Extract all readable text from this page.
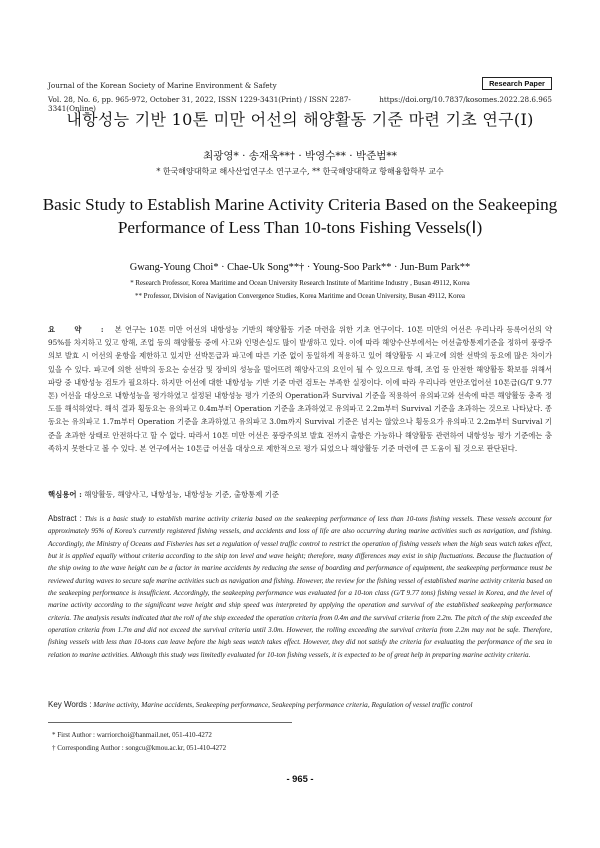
Journal of the Korean Society of Marine Environment & Safety	Research Paper
Vol. 28, No. 6, pp. 965-972, October 31, 2022, ISSN 1229-3431(Print) / ISSN 2287-3341(Online)
https://doi.org/10.7837/kosomes.2022.28.6.965
내항성능 기반 10톤 미만 어선의 해양활동 기준 마련 기초 연구(Ⅰ)
최광영* · 송재욱**† · 박영수** · 박준범**
* 한국해양대학교 해사산업연구소 연구교수, ** 한국해양대학교 항해융합학부 교수
Basic Study to Establish Marine Activity Criteria Based on the Seakeeping
Performance of Less Than 10-tons Fishing Vessels(Ⅰ)
Gwang-Young Choi* · Chae-Uk Song**† · Young-Soo Park** · Jun-Bum Park**
* Research Professor, Korea Maritime and Ocean University Research Institute of Maritime Industry , Busan 49112, Korea
** Professor, Division of Navigation Convergence Studies, Korea Maritime and Ocean University, Busan 49112, Korea
요 약 : 본 연구는 10톤 미만 어선의 내항성능 기반의 해양활동 기준 마련을 위한 기초 연구이다. 10톤 미만의 어선은 우리나라 등록어선의 약 95%를 차지하고 있고 항해, 조업 등의 해양활동 중에 사고와 인명손실도 많이 발생하고 있다. 이에 따라 해양수산부에서는 어선출항통제기준을 정하여 풍랑주의보 발효 시 어선의 운항을 제한하고 있지만 선박톤급과 파고에 따른 기준 없이 동일하게 적용하고 있어 해양활동 시 파고에 의한 선박의 동요에 많은 차이가 있을 수 있다. 파고에 의한 선박의 동요는 승선감 및 장비의 성능을 떨어뜨려 해양사고의 요인이 될 수 있으므로 항해, 조업 등 안전한 해양활동 확보를 위해서 파랑 중 내항성능 검토가 필요하다. 하지만 어선에 대한 내항성능 기반 기준 마련 검토는 부족한 실정이다. 이에 따라 우리나라 연안조업어선 10톤급(G/T 9.77톤) 어선을 대상으로 내항성능을 평가하였고 설정된 내항성능 평가 기준의 Operation과 Survival 기준을 적용하여 유의파고와 선속에 따른 해양활동 충족 정도를 해석하였다. 해석 결과 횡동요는 유의파고 0.4m부터 Operation 기준을 초과하였고 유의파고 2.2m부터 Survival 기준을 초과하는 것으로 나타났다. 종동요는 유의파고 1.7m부터 Operation 기준을 초과하였고 유의파고 3.0m까지 Survival 기준은 넘지는 않았으나 횡동요가 유의파고 2.2m부터 Survival 기준을 초과한 상태로 안전하다고 할 수 없다. 따라서 10톤 미만 어선은 풍랑주의보 발효 전까지 출항은 가능하나 해양활동 관련하여 내항성능 평가 기준에는 충족하지 못한다고 볼 수 있다. 본 연구에서는 10톤급 어선을 대상으로 제한적으로 평가 되었으나 해양활동 기준 마련에 큰 도움이 될 것으로 판단된다.
핵심용어 : 해양활동, 해양사고, 내항성능, 내항성능 기준, 출항통제 기준
Abstract : This is a basic study to establish marine activity criteria based on the seakeeping performance of less than 10-tons fishing vessels. These vessels account for approximately 95% of Korea's currently registered fishing vessels, and accidents and loss of life are also occurring during marine activities such as navigation, and fishing. Accordingly, the Ministry of Oceans and Fisheries has set a regulation of vessel traffic control to restrict the operation of fishing vessels when the high seas watch takes effect, but it is applied equally without criteria according to the ship ton level and wave height; therefore, many differences may exist in ship fluctuations. Because the fluctuation of the ship owing to the wave height can be a factor in marine accidents by reducing the sense of boarding and performance of equipment, the seakeeping performance must be reviewed during waves to secure safe marine activities such as navigation and fishing. However, the review for the fishing vessel of established marine activity criteria based on the seakeeping performance is insufficient. Accordingly, the seakeeping performance was evaluated for a 10-ton class (G/T 9.77 tons) fishing vessel in Korea, and the level of marine activity according to the significant wave height and ship speed was interpreted by applying the operation and survival of the established seakeeping performance criteria. The analysis results indicated that the roll of the ship exceeded the operation criteria from 0.4m and the survival criteria from 2.2m. The pitch of the ship exceeded the operation criteria from 1.7m and did not exceed the survival criteria until 3.0m. However, the rolling exceeding the survival criteria from 2.2m may not be safe. Therefore, fishing vessels with less than 10-tons can leave before the high seas watch takes effect. However, they did not satisfy the criteria for evaluating the performance of the sea in relation to marine activities. Although this study was limitedly evaluated for 10-ton fishing vessels, it is expected to be of great help in preparing marine activity criteria.
Key Words : Marine activity, Marine accidents, Seakeeping performance, Seakeeping performance criteria, Regulation of vessel traffic control
* First Author : warriorchoi@hanmail.net, 051-410-4272
† Corresponding Author : songcu@kmou.ac.kr, 051-410-4272
- 965 -
